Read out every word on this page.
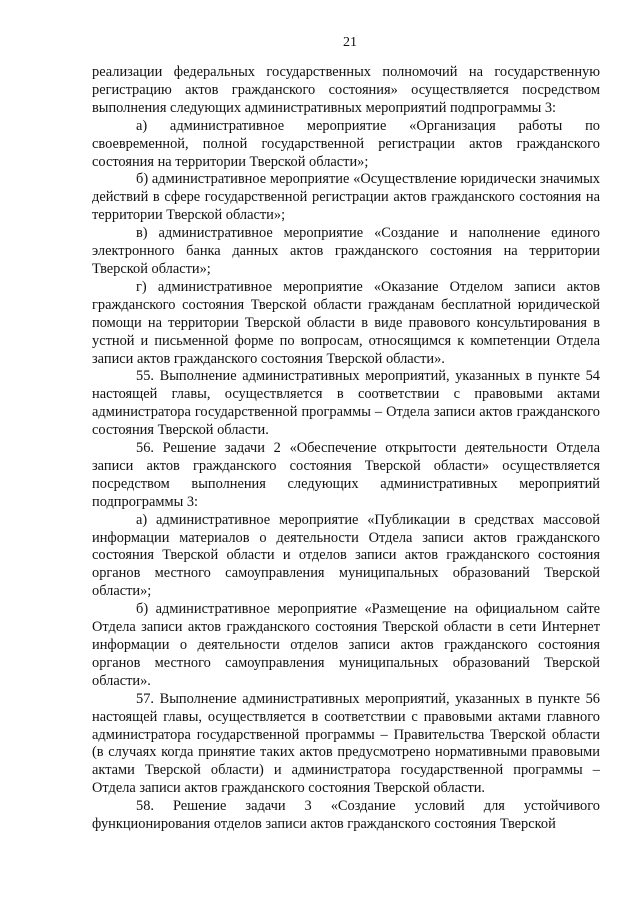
21

реализации федеральных государственных полномочий на государственную регистрацию актов гражданского состояния» осуществляется посредством выполнения следующих административных мероприятий подпрограммы 3:

а) административное мероприятие «Организация работы по своевременной, полной государственной регистрации актов гражданского состояния на территории Тверской области»;

б) административное мероприятие «Осуществление юридически значимых действий в сфере государственной регистрации актов гражданского состояния на территории Тверской области»;

в) административное мероприятие «Создание и наполнение единого электронного банка данных актов гражданского состояния на территории Тверской области»;

г) административное мероприятие «Оказание Отделом записи актов гражданского состояния Тверской области гражданам бесплатной юридической помощи на территории Тверской области в виде правового консультирования в устной и письменной форме по вопросам, относящимся к компетенции Отдела записи актов гражданского состояния Тверской области».

55. Выполнение административных мероприятий, указанных в пункте 54 настоящей главы, осуществляется в соответствии с правовыми актами администратора государственной программы – Отдела записи актов гражданского состояния Тверской области.

56. Решение задачи 2 «Обеспечение открытости деятельности Отдела записи актов гражданского состояния Тверской области» осуществляется посредством выполнения следующих административных мероприятий подпрограммы 3:

а) административное мероприятие «Публикации в средствах массовой информации материалов о деятельности Отдела записи актов гражданского состояния Тверской области и отделов записи актов гражданского состояния органов местного самоуправления муниципальных образований Тверской области»;

б) административное мероприятие «Размещение на официальном сайте Отдела записи актов гражданского состояния Тверской области в сети Интернет информации о деятельности отделов записи актов гражданского состояния органов местного самоуправления муниципальных образований Тверской области».

57. Выполнение административных мероприятий, указанных в пункте 56 настоящей главы, осуществляется в соответствии с правовыми актами главного администратора государственной программы – Правительства Тверской области (в случаях когда принятие таких актов предусмотрено нормативными правовыми актами Тверской области) и администратора государственной программы – Отдела записи актов гражданского состояния Тверской области.

58. Решение задачи 3 «Создание условий для устойчивого функционирования отделов записи актов гражданского состояния Тверской
